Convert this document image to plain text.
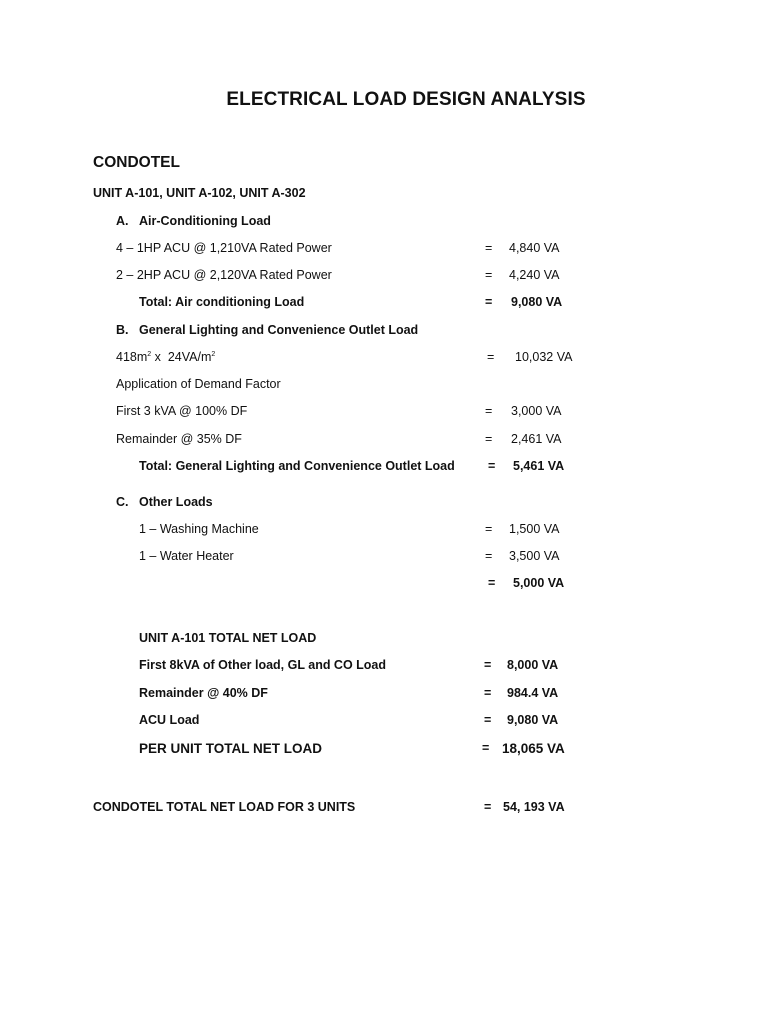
ELECTRICAL LOAD DESIGN ANALYSIS
CONDOTEL
UNIT A-101, UNIT A-102, UNIT A-302
A. Air-Conditioning Load
4 – 1HP ACU @ 1,210VA Rated Power	= 4,840 VA
2 – 2HP ACU @ 2,120VA Rated Power	= 4,240 VA
Total: Air conditioning Load	= 9,080 VA
B. General Lighting and Convenience Outlet Load
$418m^2$ x  $24VA/m^2$	= 10,032 VA
Application of Demand Factor
First 3 kVA @ 100% DF	= 3,000 VA
Remainder @ 35% DF	= 2,461 VA
Total: General Lighting and Convenience Outlet Load	= 5,461 VA
C. Other Loads
1 – Washing Machine	= 1,500 VA
1 – Water Heater	= 3,500 VA
= 5,000 VA
UNIT A-101 TOTAL NET LOAD
First 8kVA of Other load, GL and CO Load	= 8,000 VA
Remainder @ 40% DF	= 984.4 VA
ACU Load	= 9,080 VA
PER UNIT TOTAL NET LOAD	= 18,065 VA
CONDOTEL TOTAL NET LOAD FOR 3 UNITS	= 54, 193 VA
